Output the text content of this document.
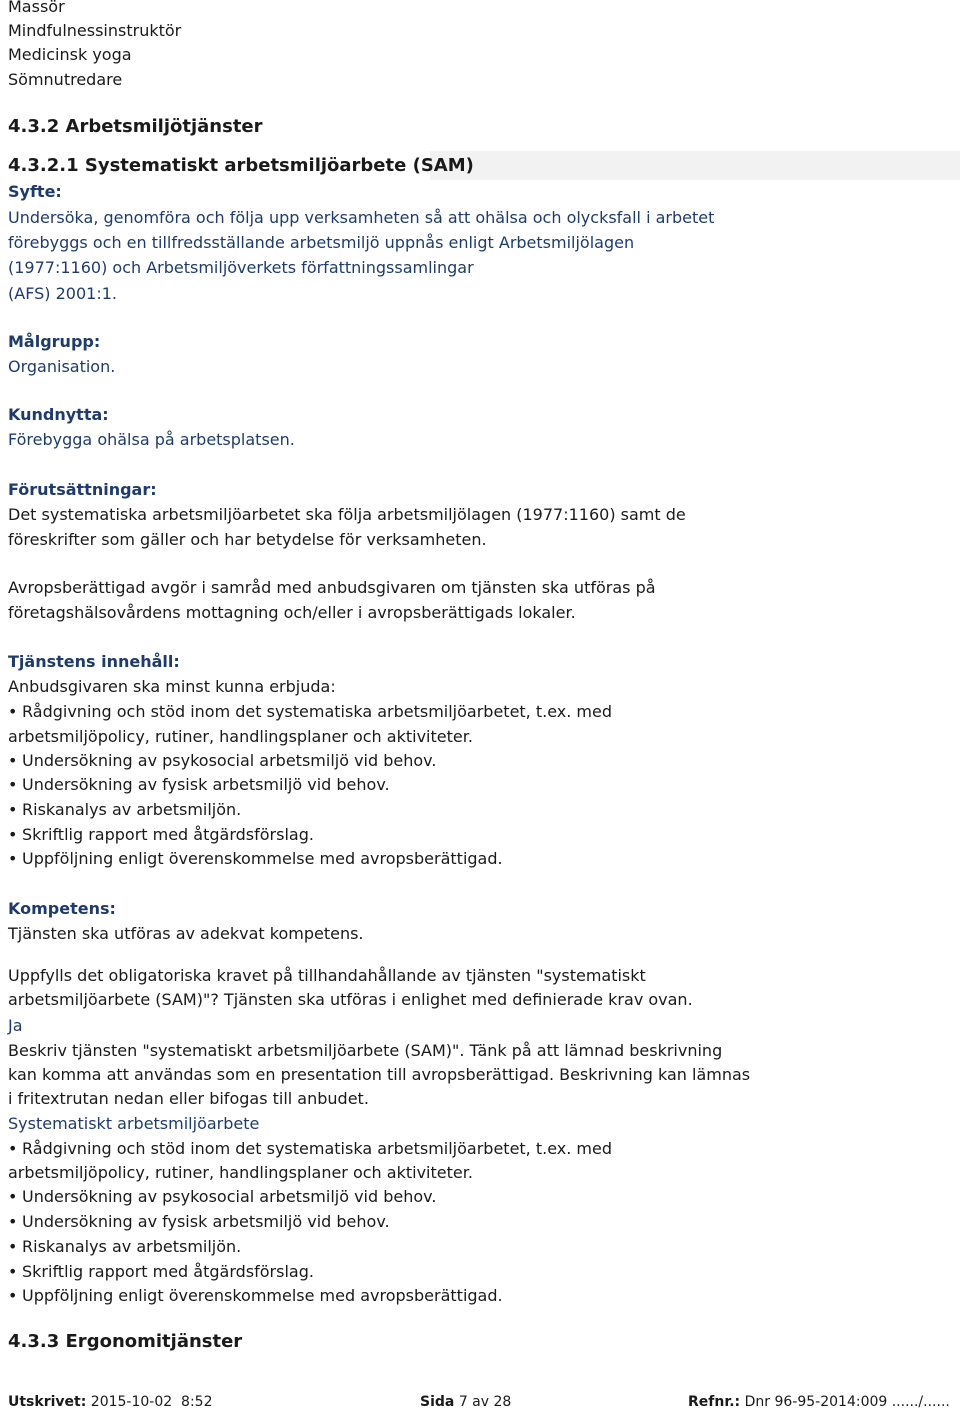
Massör

Mindfulnessinstruktör

Medicinsk yoga

Sömnutredare

4.3.2 Arbetsmiljötjänster

4.3.2.1 Systematiskt arbetsmiljöarbete (SAM)

Syfte:

Undersöka, genomföra och följa upp verksamheten så att ohälsa och olycksfall i arbetet

förebyggs och en tillfredsställande arbetsmiljö uppnås enligt Arbetsmiljölagen

(1977:1160) och Arbetsmiljöverkets författningssamlingar

(AFS) 2001:1.

Målgrupp:

Organisation.

Kundnytta:

Förebygga ohälsa på arbetsplatsen.

Förutsättningar:

Det systematiska arbetsmiljöarbetet ska följa arbetsmiljölagen (1977:1160) samt de

föreskrifter som gäller och har betydelse för verksamheten.

Avropsberättigad avgör i samråd med anbudsgivaren om tjänsten ska utföras på

företagshälsovårdens mottagning och/eller i avropsberättigads lokaler.

Tjänstens innehåll:

Anbudsgivaren ska minst kunna erbjuda:

• Rådgivning och stöd inom det systematiska arbetsmiljöarbetet, t.ex. med

arbetsmiljöpolicy, rutiner, handlingsplaner och aktiviteter.

• Undersökning av psykosocial arbetsmiljö vid behov.

• Undersökning av fysisk arbetsmiljö vid behov.

• Riskanalys av arbetsmiljön.

• Skriftlig rapport med åtgärdsförslag.

• Uppföljning enligt överenskommelse med avropsberättigad.

Kompetens:

Tjänsten ska utföras av adekvat kompetens.

Uppfylls det obligatoriska kravet på tillhandahållande av tjänsten "systematiskt

arbetsmiljöarbete (SAM)"? Tjänsten ska utföras i enlighet med definierade krav ovan.

Ja

Beskriv tjänsten "systematiskt arbetsmiljöarbete (SAM)". Tänk på att lämnad beskrivning

kan komma att användas som en presentation till avropsberättigad. Beskrivning kan lämnas

i fritextrutan nedan eller bifogas till anbudet.

Systematiskt arbetsmiljöarbete

• Rådgivning och stöd inom det systematiska arbetsmiljöarbetet, t.ex. med

arbetsmiljöpolicy, rutiner, handlingsplaner och aktiviteter.

• Undersökning av psykosocial arbetsmiljö vid behov.

• Undersökning av fysisk arbetsmiljö vid behov.

• Riskanalys av arbetsmiljön.

• Skriftlig rapport med åtgärdsförslag.

• Uppföljning enligt överenskommelse med avropsberättigad.

4.3.3 Ergonomitjänster

Utskrivet: 2015-10-02  8:52	Sida 7 av 28	Refnr.: Dnr 96-95-2014:009 ....../......
